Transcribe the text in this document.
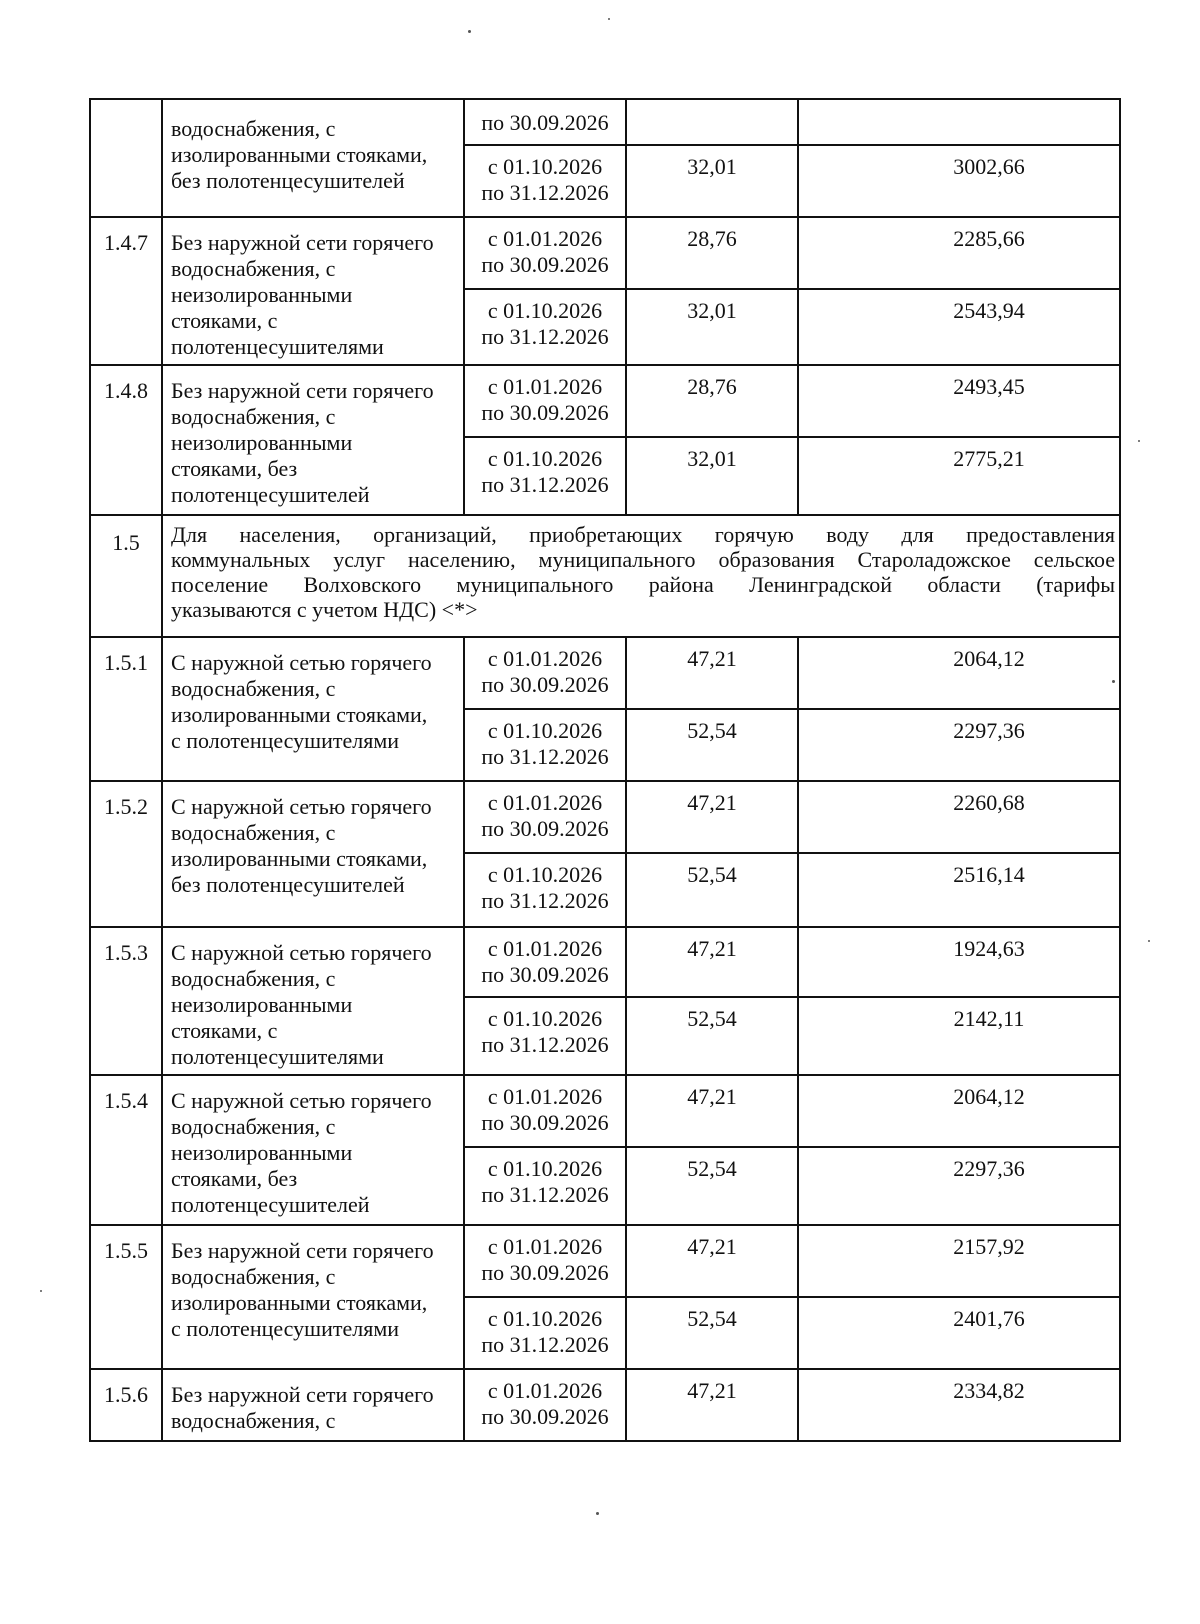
	водоснабжения, с
изолированными стояками,
без полотенцесушителей	по 30.09.2026		

		с 01.10.2026
по 31.12.2026	32,01	3002,66
1.4.7	Без наружной сети горячего
водоснабжения, с
неизолированными
стояками, с
полотенцесушителями	с 01.01.2026
по 30.09.2026	28,76	2285,66

		с 01.10.2026
по 31.12.2026	32,01	2543,94
1.4.8	Без наружной сети горячего
водоснабжения, с
неизолированными
стояками, без
полотенцесушителей	с 01.01.2026
по 30.09.2026	28,76	2493,45

		с 01.10.2026
по 31.12.2026	32,01	2775,21
1.5	Для населения, организаций, приобретающих горячую воду для предоставления
коммунальных услуг населению, муниципального образования Староладожское сельское
поселение Волховского муниципального района Ленинградской области (тарифы
указываются с учетом НДС) <*>			

1.5.1	С наружной сетью горячего
водоснабжения, с
изолированными стояками,
с полотенцесушителями	с 01.01.2026
по 30.09.2026	47,21	2064,12

		с 01.10.2026
по 31.12.2026	52,54	2297,36
1.5.2	С наружной сетью горячего
водоснабжения, с
изолированными стояками,
без полотенцесушителей	с 01.01.2026
по 30.09.2026	47,21	2260,68

		с 01.10.2026
по 31.12.2026	52,54	2516,14
1.5.3	С наружной сетью горячего
водоснабжения, с
неизолированными
стояками, с
полотенцесушителями	с 01.01.2026
по 30.09.2026	47,21	1924,63

		с 01.10.2026
по 31.12.2026	52,54	2142,11
1.5.4	С наружной сетью горячего
водоснабжения, с
неизолированными
стояками, без
полотенцесушителей	с 01.01.2026
по 30.09.2026	47,21	2064,12

		с 01.10.2026
по 31.12.2026	52,54	2297,36
1.5.5	Без наружной сети горячего
водоснабжения, с
изолированными стояками,
с полотенцесушителями	с 01.01.2026
по 30.09.2026	47,21	2157,92

		с 01.10.2026
по 31.12.2026	52,54	2401,76
1.5.6	Без наружной сети горячего
водоснабжения, с	с 01.01.2026
по 30.09.2026	47,21	2334,82
